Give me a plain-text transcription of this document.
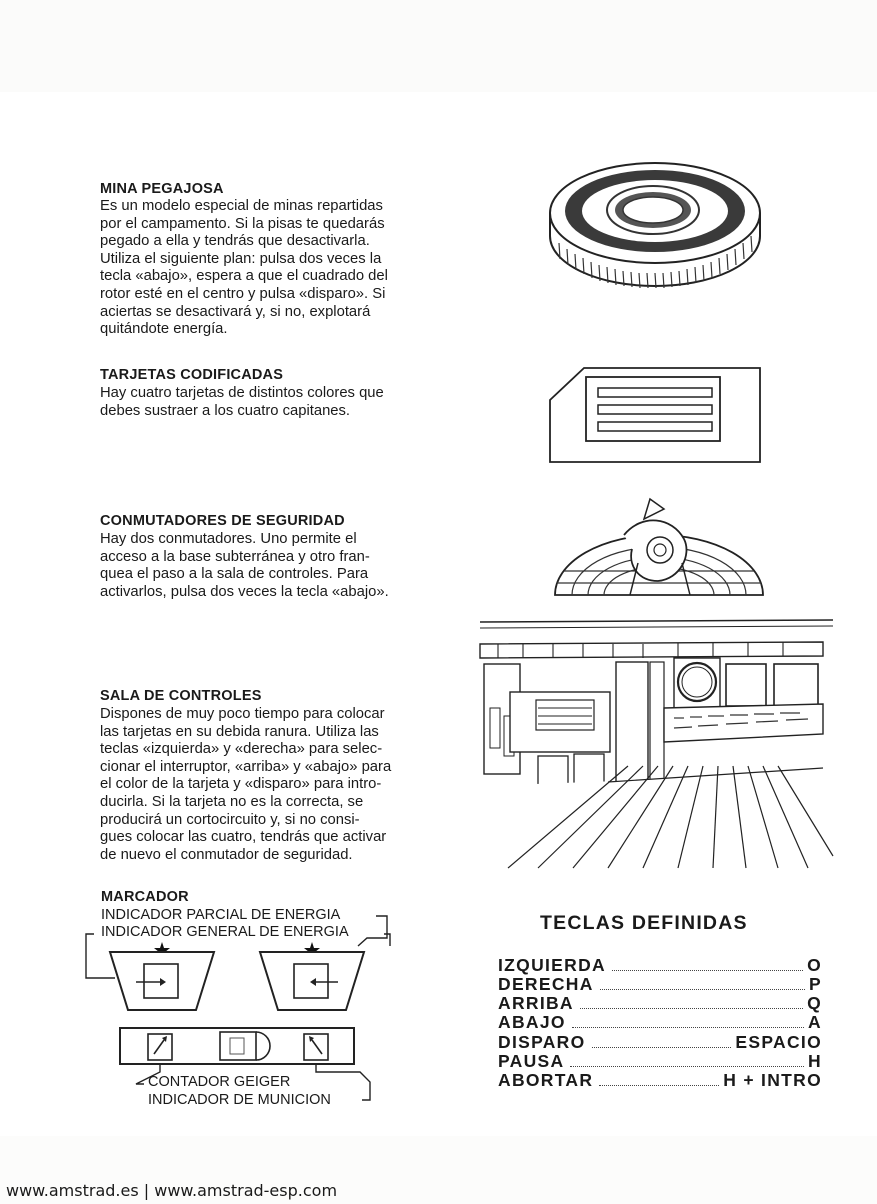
MINA PEGAJOSA
Es un modelo especial de minas repartidas
por el campamento. Si la pisas te quedarás
pegado a ella y tendrás que desactivarla.
Utiliza el siguiente plan: pulsa dos veces la
tecla «abajo», espera a que el cuadrado del
rotor esté en el centro y pulsa «disparo». Si
aciertas se desactivará y, si no, explotará
quitándote energía.
TARJETAS CODIFICADAS
Hay cuatro tarjetas de distintos colores que
debes sustraer a los cuatro capitanes.
CONMUTADORES DE SEGURIDAD
Hay dos conmutadores. Uno permite el
acceso a la base subterránea y otro fran-
quea el paso a la sala de controles. Para
activarlos, pulsa dos veces la tecla «abajo».
SALA DE CONTROLES
Dispones de muy poco tiempo para colocar
las tarjetas en su debida ranura. Utiliza las
teclas «izquierda» y «derecha» para selec-
cionar el interruptor, «arriba» y «abajo» para
el color de la tarjeta y «disparo» para intro-
ducirla. Si la tarjeta no es la correcta, se
producirá un cortocircuito y, si no consi-
gues colocar las cuatro, tendrás que activar
de nuevo el conmutador de seguridad.
MARCADOR
INDICADOR PARCIAL DE ENERGIA
INDICADOR GENERAL DE ENERGIA
CONTADOR GEIGER
INDICADOR DE MUNICION
TECLAS DEFINIDAS
IZQUIERDA	O
DERECHA	P
ARRIBA	Q
ABAJO	A
DISPARO	ESPACIO
PAUSA	H
ABORTAR	H + INTRO
www.amstrad.es | www.amstrad-esp.com
